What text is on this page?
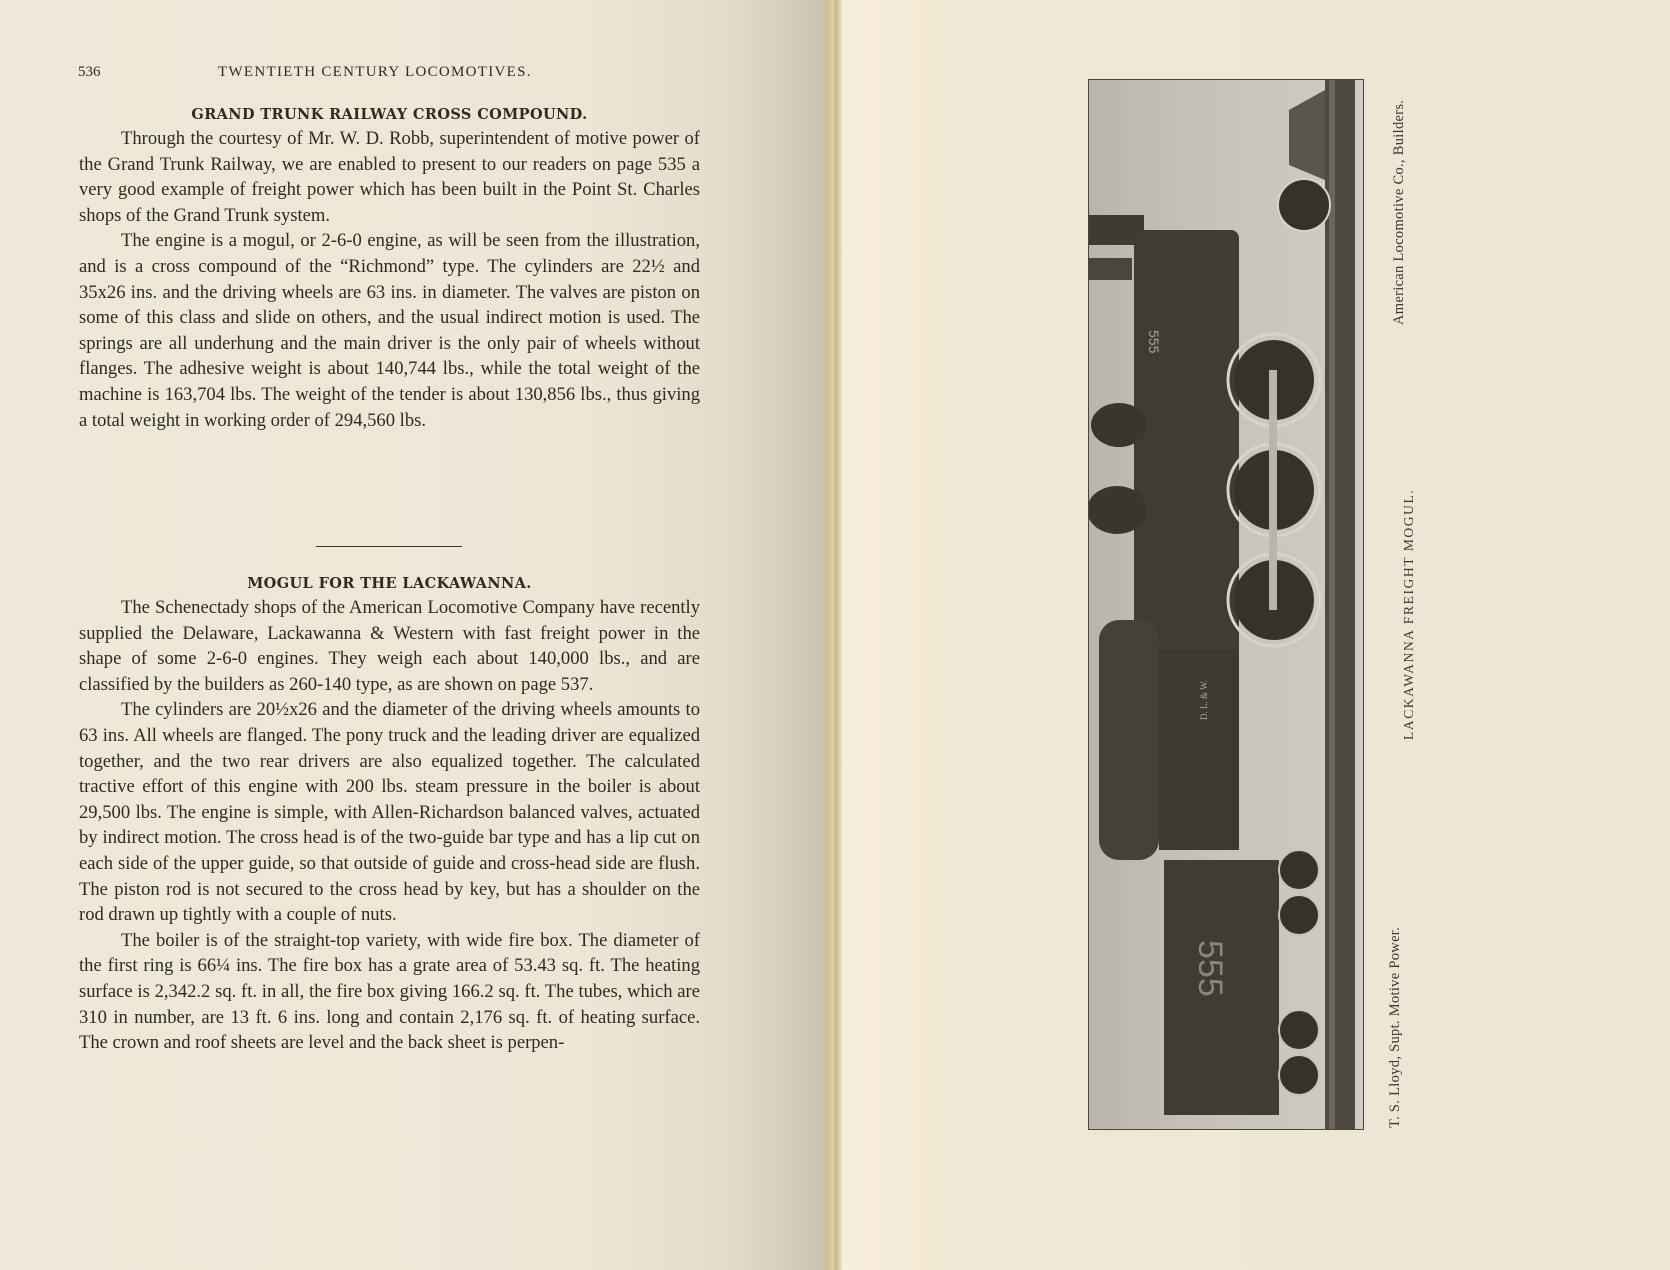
536	TWENTIETH CENTURY LOCOMOTIVES.
GRAND TRUNK RAILWAY CROSS COMPOUND.

Through the courtesy of Mr. W. D. Robb, superintendent of motive power of the Grand Trunk Railway, we are enabled to present to our readers on page 535 a very good example of freight power which has been built in the Point St. Charles shops of the Grand Trunk system.

The engine is a mogul, or 2-6-0 engine, as will be seen from the illustration, and is a cross compound of the “Richmond” type. The cylinders are 22½ and 35x26 ins. and the driving wheels are 63 ins. in diameter. The valves are piston on some of this class and slide on others, and the usual indirect motion is used. The springs are all underhung and the main driver is the only pair of wheels without flanges. The adhesive weight is about 140,744 lbs., while the total weight of the machine is 163,704 lbs. The weight of the tender is about 130,856 lbs., thus giving a total weight in working order of 294,560 lbs.

MOGUL FOR THE LACKAWANNA.

The Schenectady shops of the American Locomotive Company have recently supplied the Delaware, Lackawanna & Western with fast freight power in the shape of some 2-6-0 engines. They weigh each about 140,000 lbs., and are classified by the builders as 260-140 type, as are shown on page 537.

The cylinders are 20½x26 and the diameter of the driving wheels amounts to 63 ins. All wheels are flanged. The pony truck and the leading driver are equalized together, and the two rear drivers are also equalized together. The calculated tractive effort of this engine with 200 lbs. steam pressure in the boiler is about 29,500 lbs. The engine is simple, with Allen-Richardson balanced valves, actuated by indirect motion. The cross head is of the two-guide bar type and has a lip cut on each side of the upper guide, so that outside of guide and cross-head side are flush. The piston rod is not secured to the cross head by key, but has a shoulder on the rod drawn up tightly with a couple of nuts.

The boiler is of the straight-top variety, with wide fire box. The diameter of the first ring is 66¼ ins. The fire box has a grate area of 53.43 sq. ft. The heating surface is 2,342.2 sq. ft. in all, the fire box giving 166.2 sq. ft. The tubes, which are 310 in number, are 13 ft. 6 ins. long and contain 2,176 sq. ft. of heating surface. The crown and roof sheets are level and the back sheet is perpen-

555
555
D. L. & W.
American Locomotive Co., Builders.
LACKAWANNA FREIGHT MOGUL.
T. S. Lloyd, Supt. Motive Power.
